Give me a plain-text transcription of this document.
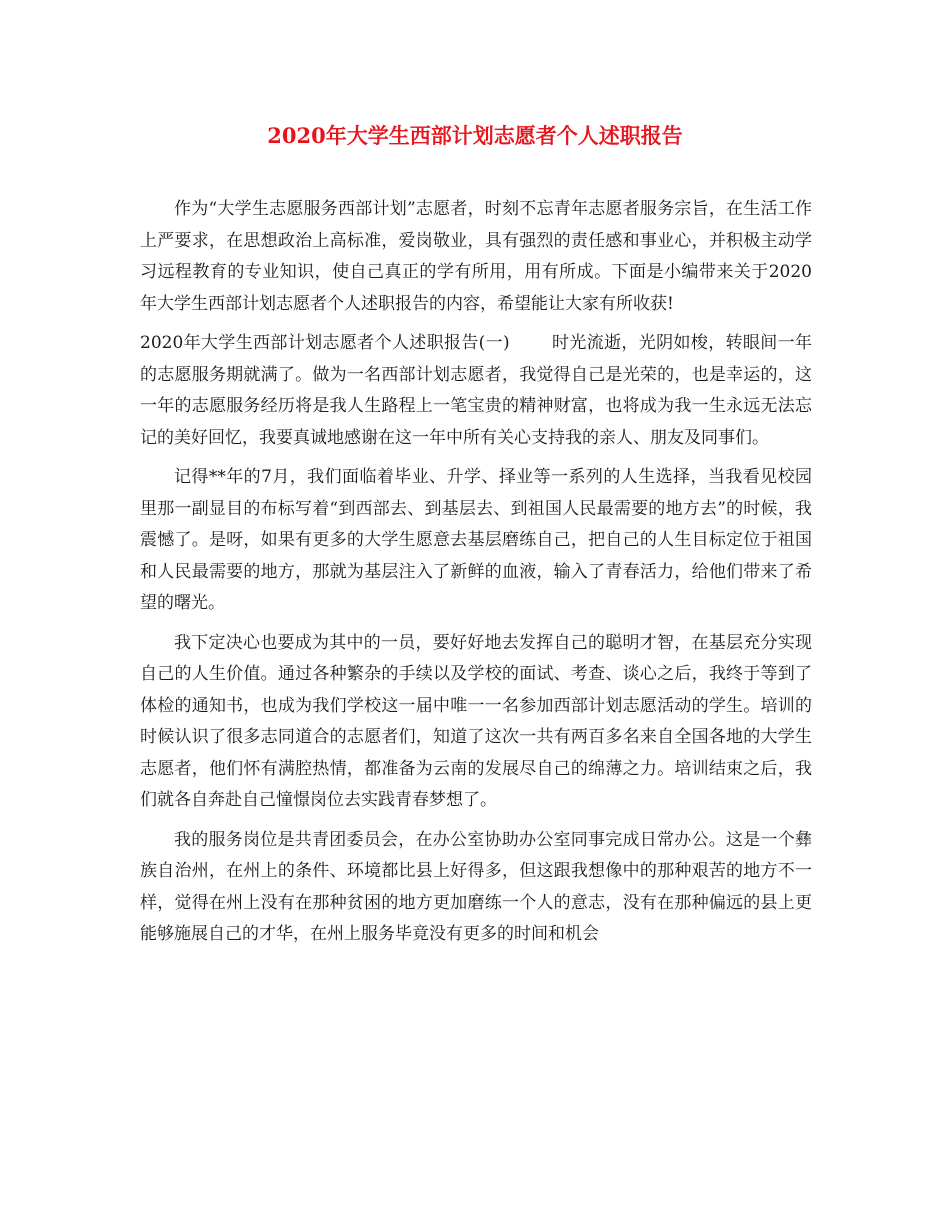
2020年大学生西部计划志愿者个人述职报告

作为“大学生志愿服务西部计划”志愿者，时刻不忘青年志愿者服务宗旨，在生活工作上严要求，在思想政治上高标准，爱岗敬业，具有强烈的责任感和事业心，并积极主动学习远程教育的专业知识，使自己真正的学有所用，用有所成。下面是小编带来关于2020年大学生西部计划志愿者个人述职报告的内容，希望能让大家有所收获!

2020年大学生西部计划志愿者个人述职报告(一) 时光流逝，光阴如梭，转眼间一年的志愿服务期就满了。做为一名西部计划志愿者，我觉得自己是光荣的，也是幸运的，这一年的志愿服务经历将是我人生路程上一笔宝贵的精神财富，也将成为我一生永远无法忘记的美好回忆，我要真诚地感谢在这一年中所有关心支持我的亲人、朋友及同事们。

记得**年的7月，我们面临着毕业、升学、择业等一系列的人生选择，当我看见校园里那一副显目的布标写着“到西部去、到基层去、到祖国人民最需要的地方去”的时候，我震憾了。是呀，如果有更多的大学生愿意去基层磨练自己，把自己的人生目标定位于祖国和人民最需要的地方，那就为基层注入了新鲜的血液，输入了青春活力，给他们带来了希望的曙光。

我下定决心也要成为其中的一员，要好好地去发挥自己的聪明才智，在基层充分实现自己的人生价值。通过各种繁杂的手续以及学校的面试、考查、谈心之后，我终于等到了体检的通知书，也成为我们学校这一届中唯一一名参加西部计划志愿活动的学生。培训的时候认识了很多志同道合的志愿者们，知道了这次一共有两百多名来自全国各地的大学生志愿者，他们怀有满腔热情，都准备为云南的发展尽自己的绵薄之力。培训结束之后，我们就各自奔赴自己憧憬岗位去实践青春梦想了。

我的服务岗位是共青团委员会，在办公室协助办公室同事完成日常办公。这是一个彝族自治州，在州上的条件、环境都比县上好得多，但这跟我想像中的那种艰苦的地方不一样，觉得在州上没有在那种贫困的地方更加磨练一个人的意志，没有在那种偏远的县上更能够施展自己的才华，在州上服务毕竟没有更多的时间和机会
